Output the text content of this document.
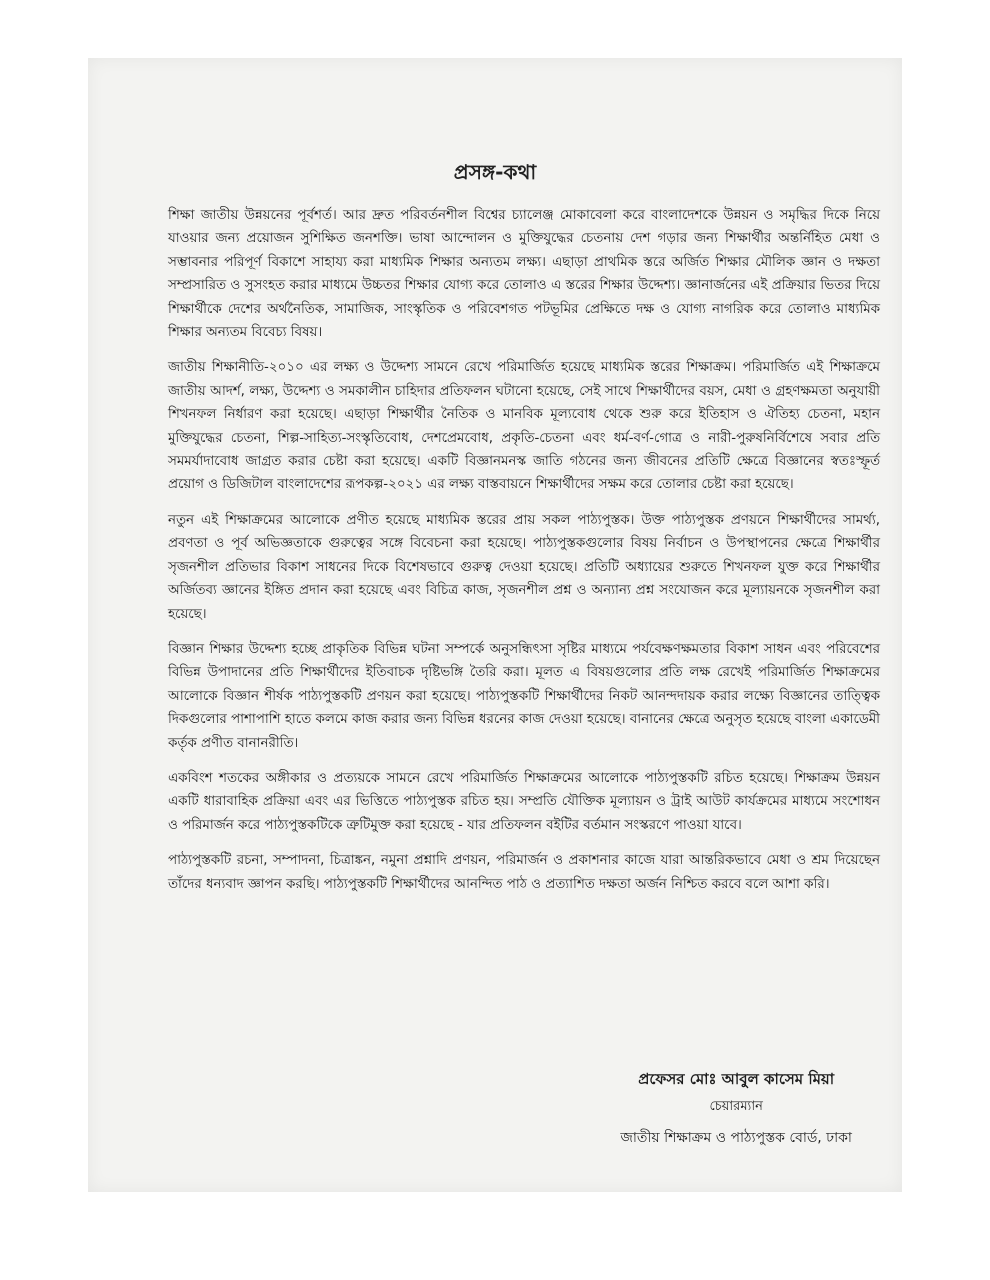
প্রসঙ্গ-কথা

শিক্ষা জাতীয় উন্নয়নের পূর্বশর্ত। আর দ্রুত পরিবর্তনশীল বিশ্বের চ্যালেঞ্জ মোকাবেলা করে বাংলাদেশকে উন্নয়ন ও সমৃদ্ধির দিকে নিয়ে যাওয়ার জন্য প্রয়োজন সুশিক্ষিত জনশক্তি। ভাষা আন্দোলন ও মুক্তিযুদ্ধের চেতনায় দেশ গড়ার জন্য শিক্ষার্থীর অন্তর্নিহিত মেধা ও সম্ভাবনার পরিপূর্ণ বিকাশে সাহায্য করা মাধ্যমিক শিক্ষার অন্যতম লক্ষ্য। এছাড়া প্রাথমিক স্তরে অর্জিত শিক্ষার মৌলিক জ্ঞান ও দক্ষতা সম্প্রসারিত ও সুসংহত করার মাধ্যমে উচ্চতর শিক্ষার যোগ্য করে তোলাও এ স্তরের শিক্ষার উদ্দেশ্য। জ্ঞানার্জনের এই প্রক্রিয়ার ভিতর দিয়ে শিক্ষার্থীকে দেশের অর্থনৈতিক, সামাজিক, সাংস্কৃতিক ও পরিবেশগত পটভূমির প্রেক্ষিতে দক্ষ ও যোগ্য নাগরিক করে তোলাও মাধ্যমিক শিক্ষার অন্যতম বিবেচ্য বিষয়।

জাতীয় শিক্ষানীতি-২০১০ এর লক্ষ্য ও উদ্দেশ্য সামনে রেখে পরিমার্জিত হয়েছে মাধ্যমিক স্তরের শিক্ষাক্রম। পরিমার্জিত এই শিক্ষাক্রমে জাতীয় আদর্শ, লক্ষ্য, উদ্দেশ্য ও সমকালীন চাহিদার প্রতিফলন ঘটানো হয়েছে, সেই সাথে শিক্ষার্থীদের বয়স, মেধা ও গ্রহণক্ষমতা অনুযায়ী শিখনফল নির্ধারণ করা হয়েছে। এছাড়া শিক্ষার্থীর নৈতিক ও মানবিক মূল্যবোধ থেকে শুরু করে ইতিহাস ও ঐতিহ্য চেতনা, মহান মুক্তিযুদ্ধের চেতনা, শিল্প-সাহিত্য-সংস্কৃতিবোধ, দেশপ্রেমবোধ, প্রকৃতি-চেতনা এবং ধর্ম-বর্ণ-গোত্র ও নারী-পুরুষনির্বিশেষে সবার প্রতি সমমর্যাদাবোধ জাগ্রত করার চেষ্টা করা হয়েছে। একটি বিজ্ঞানমনস্ক জাতি গঠনের জন্য জীবনের প্রতিটি ক্ষেত্রে বিজ্ঞানের স্বতঃস্ফূর্ত প্রয়োগ ও ডিজিটাল বাংলাদেশের রূপকল্প-২০২১ এর লক্ষ্য বাস্তবায়নে শিক্ষার্থীদের সক্ষম করে তোলার চেষ্টা করা হয়েছে।

নতুন এই শিক্ষাক্রমের আলোকে প্রণীত হয়েছে মাধ্যমিক স্তরের প্রায় সকল পাঠ্যপুস্তক। উক্ত পাঠ্যপুস্তক প্রণয়নে শিক্ষার্থীদের সামর্থ্য, প্রবণতা ও পূর্ব অভিজ্ঞতাকে গুরুত্বের সঙ্গে বিবেচনা করা হয়েছে। পাঠ্যপুস্তকগুলোর বিষয় নির্বাচন ও উপস্থাপনের ক্ষেত্রে শিক্ষার্থীর সৃজনশীল প্রতিভার বিকাশ সাধনের দিকে বিশেষভাবে গুরুত্ব দেওয়া হয়েছে। প্রতিটি অধ্যায়ের শুরুতে শিখনফল যুক্ত করে শিক্ষার্থীর অর্জিতব্য জ্ঞানের ইঙ্গিত প্রদান করা হয়েছে এবং বিচিত্র কাজ, সৃজনশীল প্রশ্ন ও অন্যান্য প্রশ্ন সংযোজন করে মূল্যায়নকে সৃজনশীল করা হয়েছে।

বিজ্ঞান শিক্ষার উদ্দেশ্য হচ্ছে প্রাকৃতিক বিভিন্ন ঘটনা সম্পর্কে অনুসন্ধিৎসা সৃষ্টির মাধ্যমে পর্যবেক্ষণক্ষমতার বিকাশ সাধন এবং পরিবেশের বিভিন্ন উপাদানের প্রতি শিক্ষার্থীদের ইতিবাচক দৃষ্টিভঙ্গি তৈরি করা। মূলত এ বিষয়গুলোর প্রতি লক্ষ রেখেই পরিমার্জিত শিক্ষাক্রমের আলোকে বিজ্ঞান শীর্ষক পাঠ্যপুস্তকটি প্রণয়ন করা হয়েছে। পাঠ্যপুস্তকটি শিক্ষার্থীদের নিকট আনন্দদায়ক করার লক্ষ্যে বিজ্ঞানের তাত্ত্বিক দিকগুলোর পাশাপাশি হাতে কলমে কাজ করার জন্য বিভিন্ন ধরনের কাজ দেওয়া হয়েছে। বানানের ক্ষেত্রে অনুসৃত হয়েছে বাংলা একাডেমী কর্তৃক প্রণীত বানানরীতি।

একবিংশ শতকের অঙ্গীকার ও প্রত্যয়কে সামনে রেখে পরিমার্জিত শিক্ষাক্রমের আলোকে পাঠ্যপুস্তকটি রচিত হয়েছে। শিক্ষাক্রম উন্নয়ন একটি ধারাবাহিক প্রক্রিয়া এবং এর ভিত্তিতে পাঠ্যপুস্তক রচিত হয়। সম্প্রতি যৌক্তিক মূল্যায়ন ও ট্রাই আউট কার্যক্রমের মাধ্যমে সংশোধন ও পরিমার্জন করে পাঠ্যপুস্তকটিকে ত্রুটিমুক্ত করা হয়েছে - যার প্রতিফলন বইটির বর্তমান সংস্করণে পাওয়া যাবে।

পাঠ্যপুস্তকটি রচনা, সম্পাদনা, চিত্রাঙ্কন, নমুনা প্রশ্নাদি প্রণয়ন, পরিমার্জন ও প্রকাশনার কাজে যারা আন্তরিকভাবে মেধা ও শ্রম দিয়েছেন তাঁদের ধন্যবাদ জ্ঞাপন করছি। পাঠ্যপুস্তকটি শিক্ষার্থীদের আনন্দিত পাঠ ও প্রত্যাশিত দক্ষতা অর্জন নিশ্চিত করবে বলে আশা করি।

প্রফেসর মোঃ আবুল কাসেম মিয়া
চেয়ারম্যান
জাতীয় শিক্ষাক্রম ও পাঠ্যপুস্তক বোর্ড, ঢাকা
